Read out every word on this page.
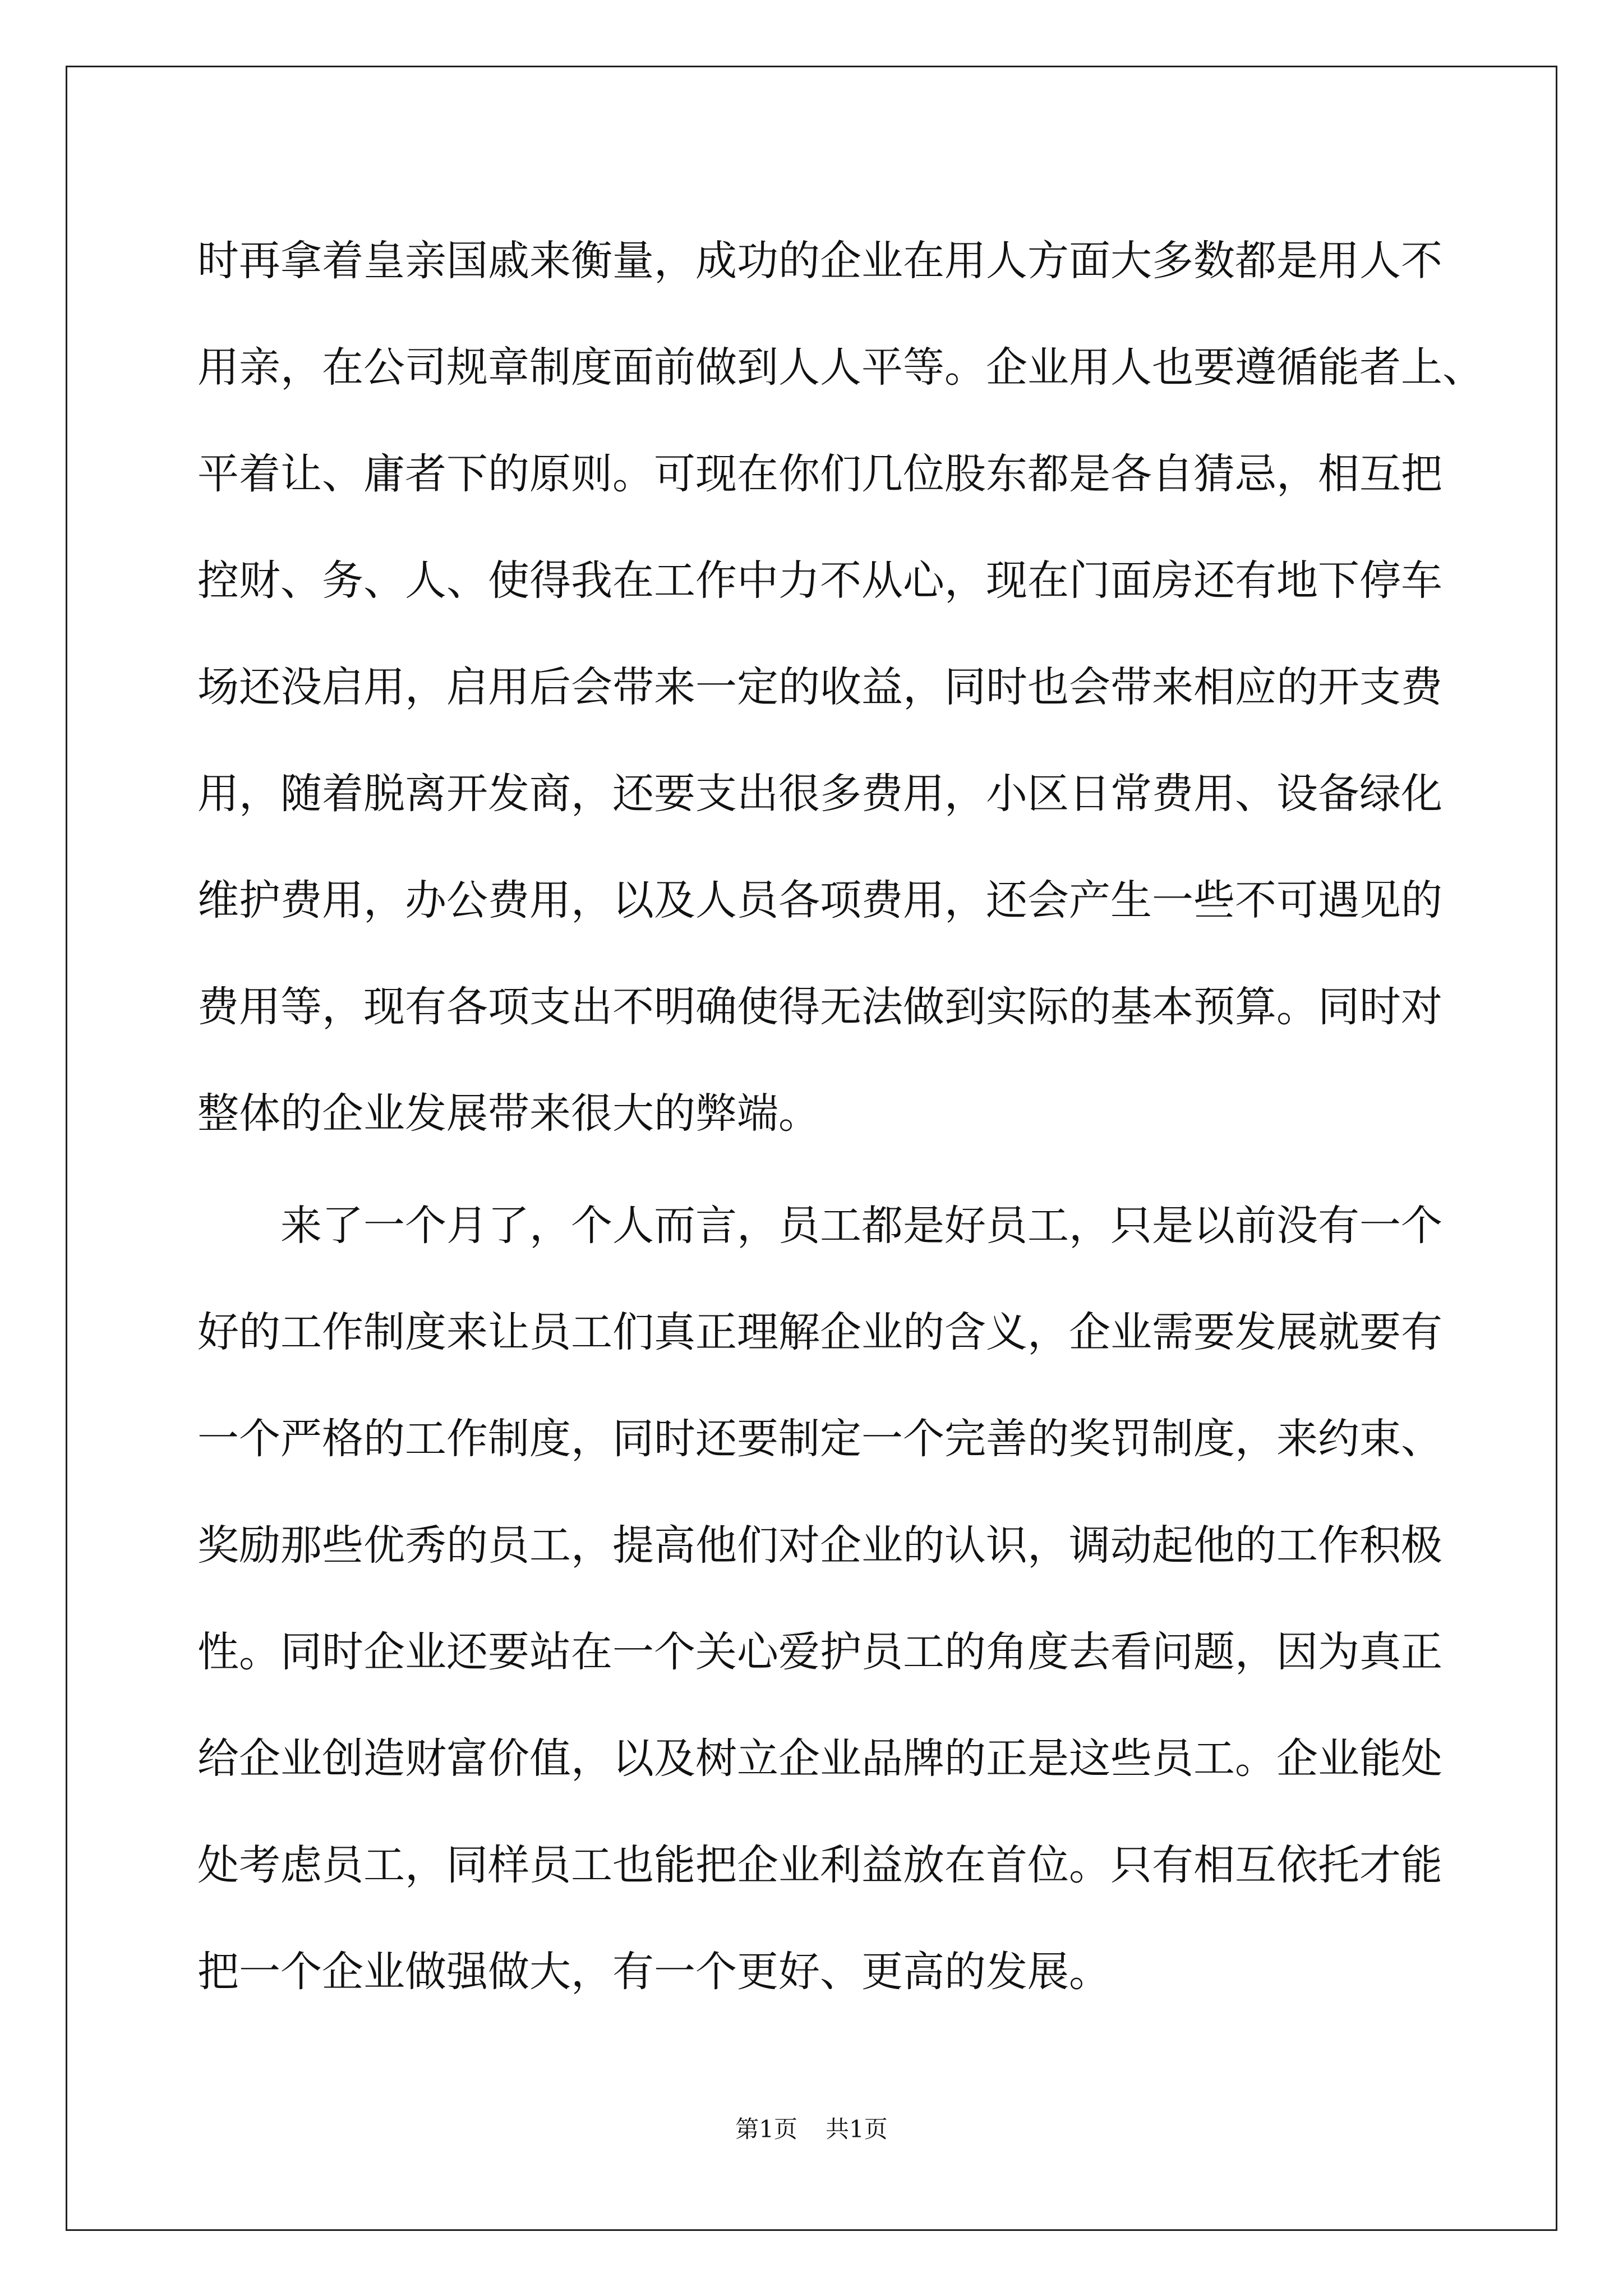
时再拿着皇亲国戚来衡量，成功的企业在用人方面大多数都是用人不
用亲，在公司规章制度面前做到人人平等。企业用人也要遵循能者上、
平着让、庸者下的原则。可现在你们几位股东都是各自猜忌，相互把
控财、务、人、使得我在工作中力不从心，现在门面房还有地下停车
场还没启用，启用后会带来一定的收益，同时也会带来相应的开支费
用，随着脱离开发商，还要支出很多费用，小区日常费用、设备绿化
维护费用，办公费用，以及人员各项费用，还会产生一些不可遇见的
费用等，现有各项支出不明确使得无法做到实际的基本预算。同时对
整体的企业发展带来很大的弊端。
来了一个月了，个人而言，员工都是好员工，只是以前没有一个
好的工作制度来让员工们真正理解企业的含义，企业需要发展就要有
一个严格的工作制度，同时还要制定一个完善的奖罚制度，来约束、
奖励那些优秀的员工，提高他们对企业的认识，调动起他的工作积极
性。同时企业还要站在一个关心爱护员工的角度去看问题，因为真正
给企业创造财富价值，以及树立企业品牌的正是这些员工。企业能处
处考虑员工，同样员工也能把企业利益放在首位。只有相互依托才能
把一个企业做强做大，有一个更好、更高的发展。
第1页 共1页
